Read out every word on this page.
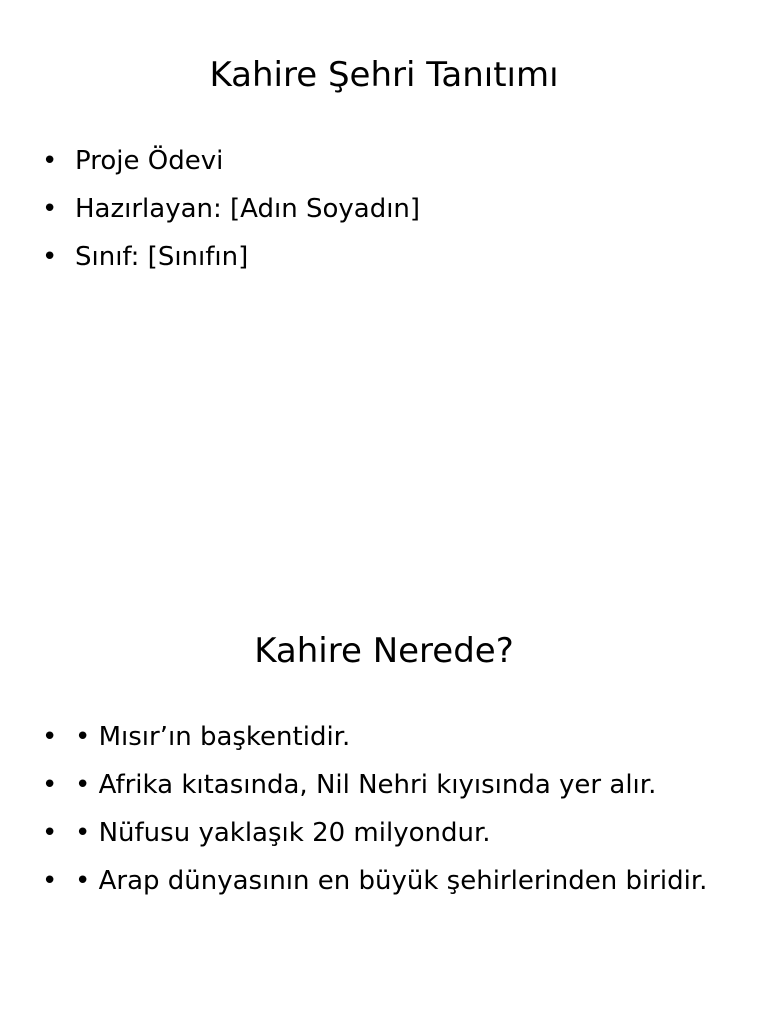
Kahire Şehri Tanıtımı
• Proje Ödevi
• Hazırlayan: [Adın Soyadın]
• Sınıf: [Sınıfın]
Kahire Nerede?
• • Mısır’ın başkentidir.
• • Afrika kıtasında, Nil Nehri kıyısında yer alır.
• • Nüfusu yaklaşık 20 milyondur.
• • Arap dünyasının en büyük şehirlerinden biridir.
